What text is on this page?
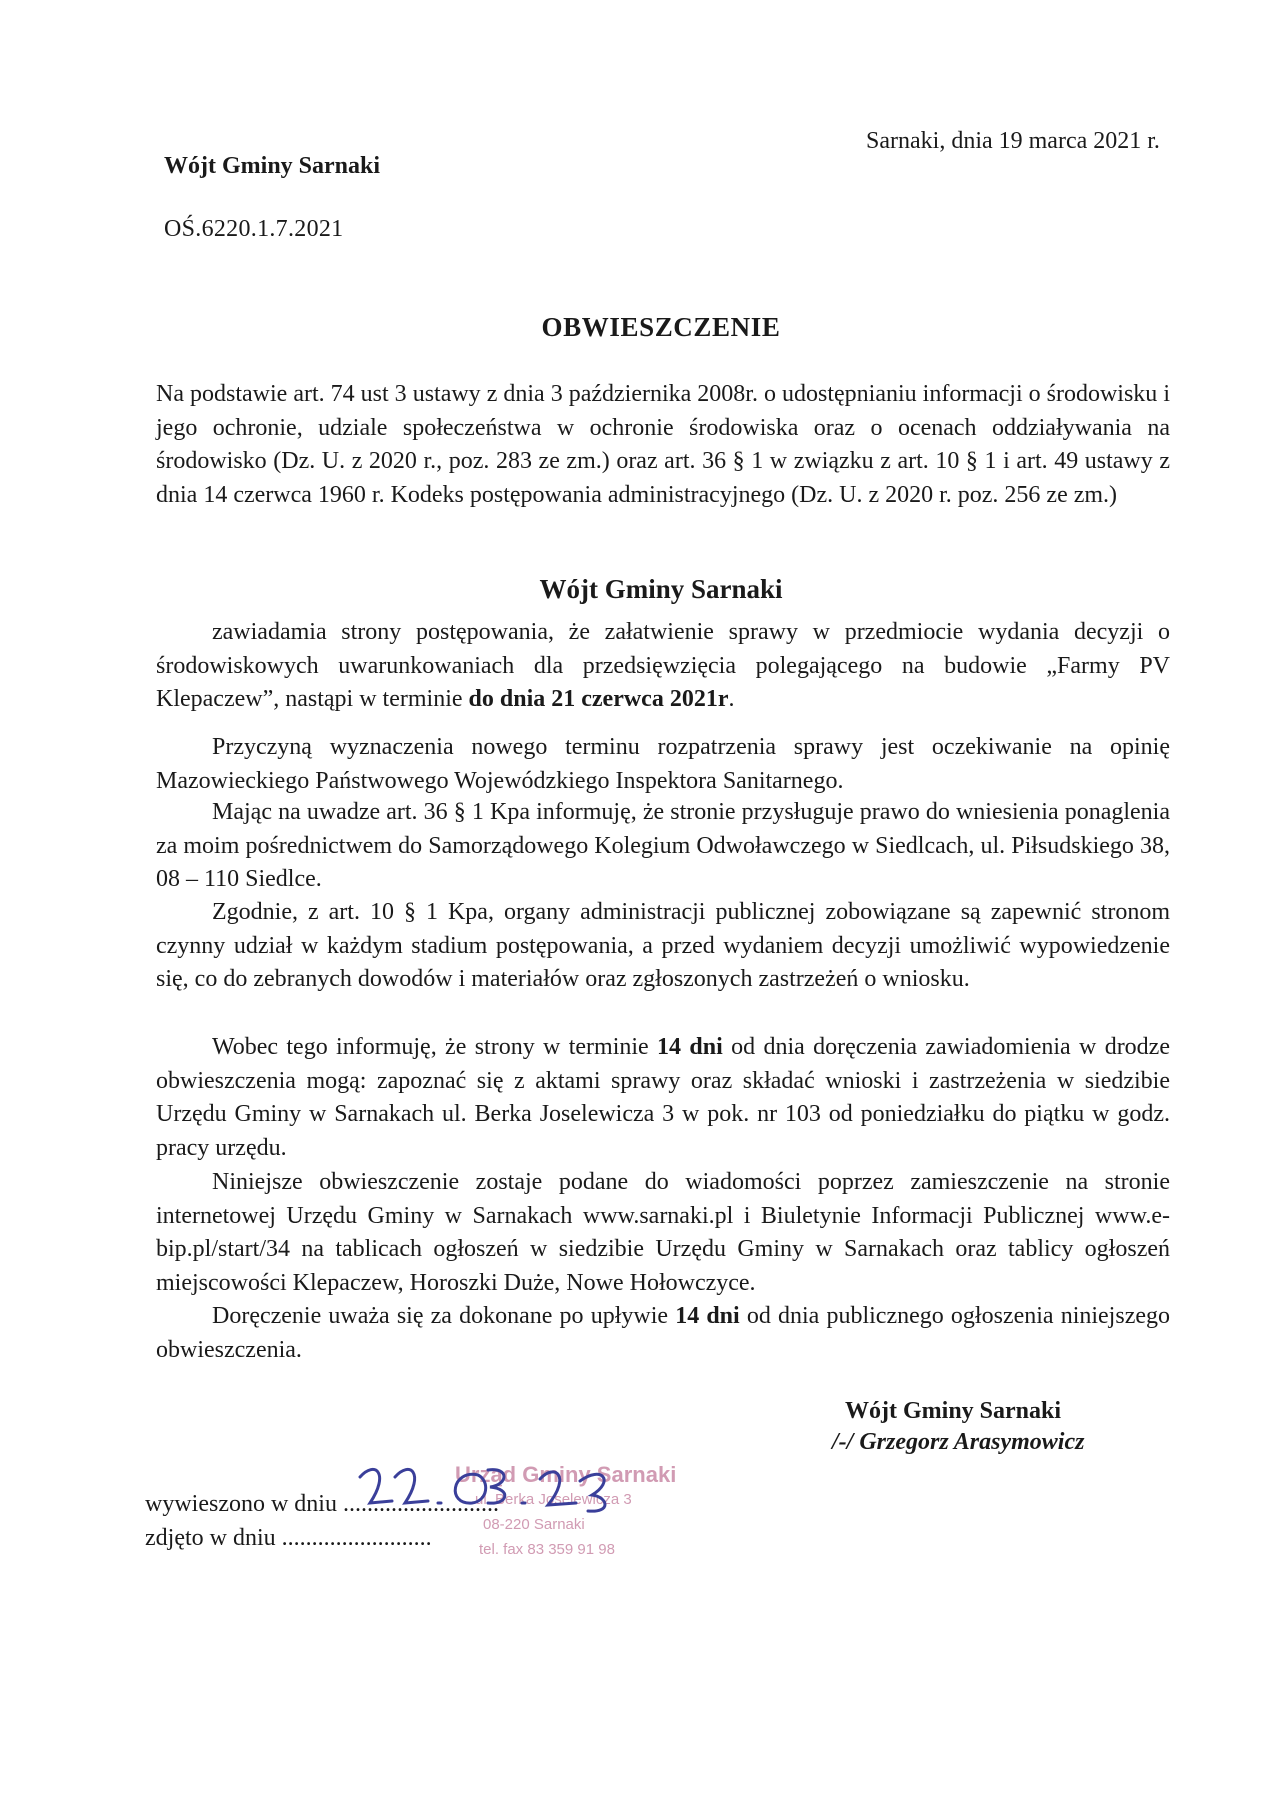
Wójt Gminy Sarnaki
Sarnaki, dnia 19 marca 2021 r.
OŚ.6220.1.7.2021
OBWIESZCZENIE
Na podstawie art. 74 ust 3 ustawy z dnia 3 października 2008r. o udostępnianiu informacji o środowisku i jego ochronie, udziale społeczeństwa w ochronie środowiska oraz o ocenach oddziaływania na środowisko (Dz. U. z 2020 r., poz. 283 ze zm.) oraz art. 36 § 1 w związku z art. 10 § 1 i art. 49 ustawy z dnia 14 czerwca 1960 r. Kodeks postępowania administracyjnego (Dz. U. z 2020 r. poz. 256 ze zm.)
Wójt Gminy Sarnaki
zawiadamia strony postępowania, że załatwienie sprawy w przedmiocie wydania decyzji o środowiskowych uwarunkowaniach dla przedsięwzięcia polegającego na budowie „Farmy PV Klepaczew”, nastąpi w terminie do dnia 21 czerwca 2021r.
Przyczyną wyznaczenia nowego terminu rozpatrzenia sprawy jest oczekiwanie na opinię Mazowieckiego Państwowego Wojewódzkiego Inspektora Sanitarnego.
Mając na uwadze art. 36 § 1 Kpa informuję, że stronie przysługuje prawo do wniesienia ponaglenia za moim pośrednictwem do Samorządowego Kolegium Odwoławczego w Siedlcach, ul. Piłsudskiego 38, 08 – 110 Siedlce.
Zgodnie, z art. 10 § 1 Kpa, organy administracji publicznej zobowiązane są zapewnić stronom czynny udział w każdym stadium postępowania, a przed wydaniem decyzji umożliwić wypowiedzenie się, co do zebranych dowodów i materiałów oraz zgłoszonych zastrzeżeń o wniosku.
Wobec tego informuję, że strony w terminie 14 dni od dnia doręczenia zawiadomienia w drodze obwieszczenia mogą: zapoznać się z aktami sprawy oraz składać wnioski i zastrzeżenia w siedzibie Urzędu Gminy w Sarnakach ul. Berka Joselewicza 3 w pok. nr 103 od poniedziałku do piątku w godz. pracy urzędu.
Niniejsze obwieszczenie zostaje podane do wiadomości poprzez zamieszczenie na stronie internetowej Urzędu Gminy w Sarnakach www.sarnaki.pl i Biuletynie Informacji Publicznej www.e-bip.pl/start/34 na tablicach ogłoszeń w siedzibie Urzędu Gminy w Sarnakach oraz tablicy ogłoszeń miejscowości Klepaczew, Horoszki Duże, Nowe Hołowczyce.
Doręczenie uważa się za dokonane po upływie 14 dni od dnia publicznego ogłoszenia niniejszego obwieszczenia.
Wójt Gminy Sarnaki
/-/ Grzegorz Arasymowicz
wywieszono w dniu ..........................
zdjęto w dniu .........................
Urząd Gminy Sarnaki
ul. Berka Joselewicza 3
08-220 Sarnaki
tel. fax 83 359 91 98
